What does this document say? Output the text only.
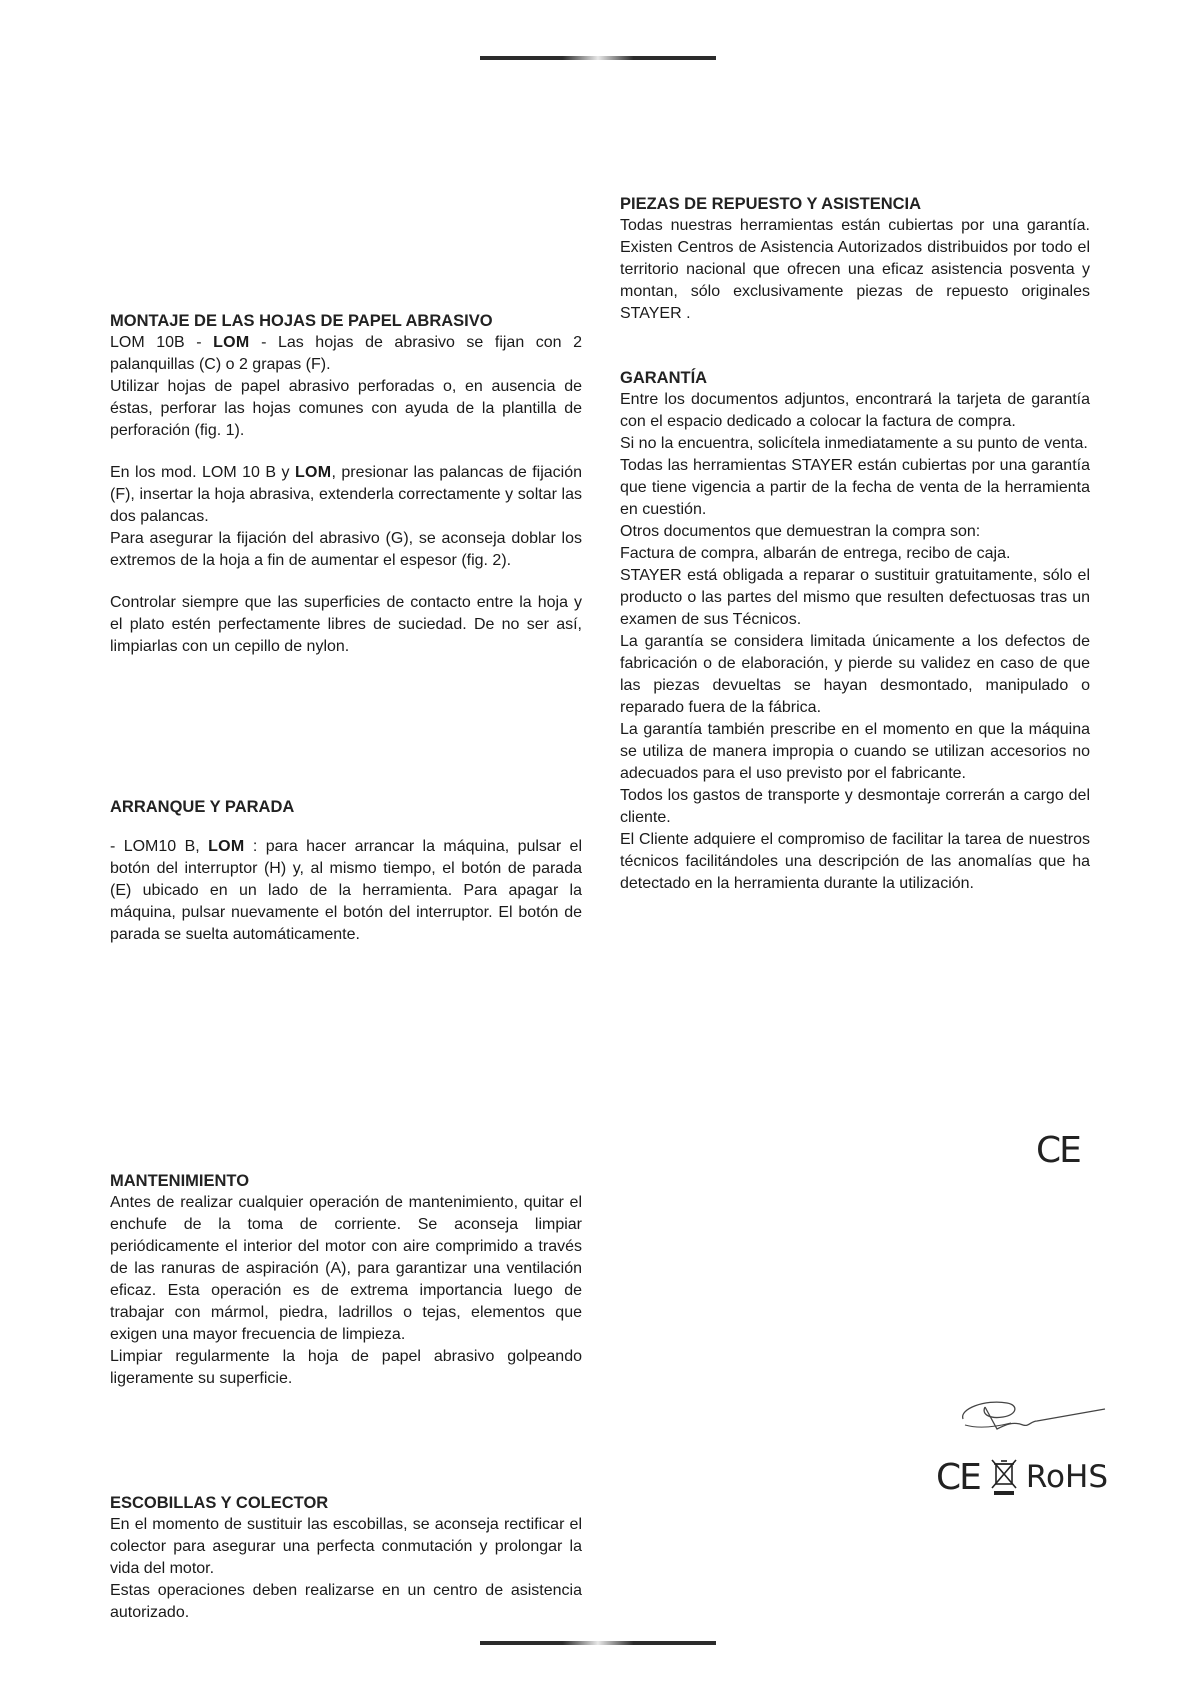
MONTAJE DE LAS HOJAS DE PAPEL ABRASIVO

LOM 10B - LOM - Las hojas de abrasivo se fijan con 2 palanquillas (C) o 2 grapas (F).

Utilizar hojas de papel abrasivo perforadas o, en ausencia de éstas, perforar las hojas comunes con ayuda de la plantilla de perforación (fig. 1).

En los mod. LOM 10 B y LOM, presionar las palancas de fijación (F), insertar la hoja abrasiva, extenderla correctamente y soltar las dos palancas.

Para asegurar la fijación del abrasivo (G), se aconseja doblar los extremos de la hoja a fin de aumentar el espesor (fig. 2).

Controlar siempre que las superficies de contacto entre la hoja y el plato estén perfectamente libres de suciedad. De no ser así, limpiarlas con un cepillo de nylon.

ARRANQUE Y PARADA

- LOM10 B, LOM : para hacer arrancar la máquina, pulsar el botón del interruptor (H) y, al mismo tiempo, el botón de parada (E) ubicado en un lado de la herramienta. Para apagar la máquina, pulsar nuevamente el botón del interruptor. El botón de parada se suelta automáticamente.

MANTENIMIENTO

Antes de realizar cualquier operación de mantenimiento, quitar el enchufe de la toma de corriente. Se aconseja limpiar periódicamente el interior del motor con aire comprimido a través de las ranuras de aspiración (A), para garantizar una ventilación eficaz. Esta operación es de extrema importancia luego de trabajar con mármol, piedra, ladrillos o tejas, elementos que exigen una mayor frecuencia de limpieza.

Limpiar regularmente la hoja de papel abrasivo golpeando ligeramente su superficie.

ESCOBILLAS Y COLECTOR

En el momento de sustituir las escobillas, se aconseja rectificar el colector para asegurar una perfecta conmutación y prolongar la vida del motor.

Estas operaciones deben realizarse en un centro de asistencia autorizado.

PIEZAS DE REPUESTO Y ASISTENCIA

Todas nuestras herramientas están cubiertas por una garantía. Existen Centros de Asistencia Autorizados distribuidos por todo el territorio nacional que ofrecen una eficaz asistencia posventa y montan, sólo exclusivamente piezas de repuesto originales STAYER .

GARANTÍA

Entre los documentos adjuntos, encontrará la tarjeta de garantía con el espacio dedicado a colocar la factura de compra.

Si no la encuentra, solicítela inmediatamente a su punto de venta.

Todas las herramientas STAYER están cubiertas por una garantía que tiene vigencia a partir de la fecha de venta de la herramienta en cuestión.

Otros documentos que demuestran la compra son:

Factura de compra, albarán de entrega, recibo de caja.

STAYER está obligada a reparar o sustituir gratuitamente, sólo el producto o las partes del mismo que resulten defectuosas tras un examen de sus Técnicos.

La garantía se considera limitada únicamente a los defectos de fabricación o de elaboración, y pierde su validez en caso de que las piezas devueltas se hayan desmontado, manipulado o reparado fuera de la fábrica.

La garantía también prescribe en el momento en que la máquina se utiliza de manera impropia o cuando se utilizan accesorios no adecuados para el uso previsto por el fabricante.

Todos los gastos de transporte y desmontaje correrán a cargo del cliente.

El Cliente adquiere el compromiso de facilitar la tarea de nuestros técnicos facilitándoles una descripción de las anomalías que ha detectado en la herramienta durante la utilización.

CE
CE RoHS
